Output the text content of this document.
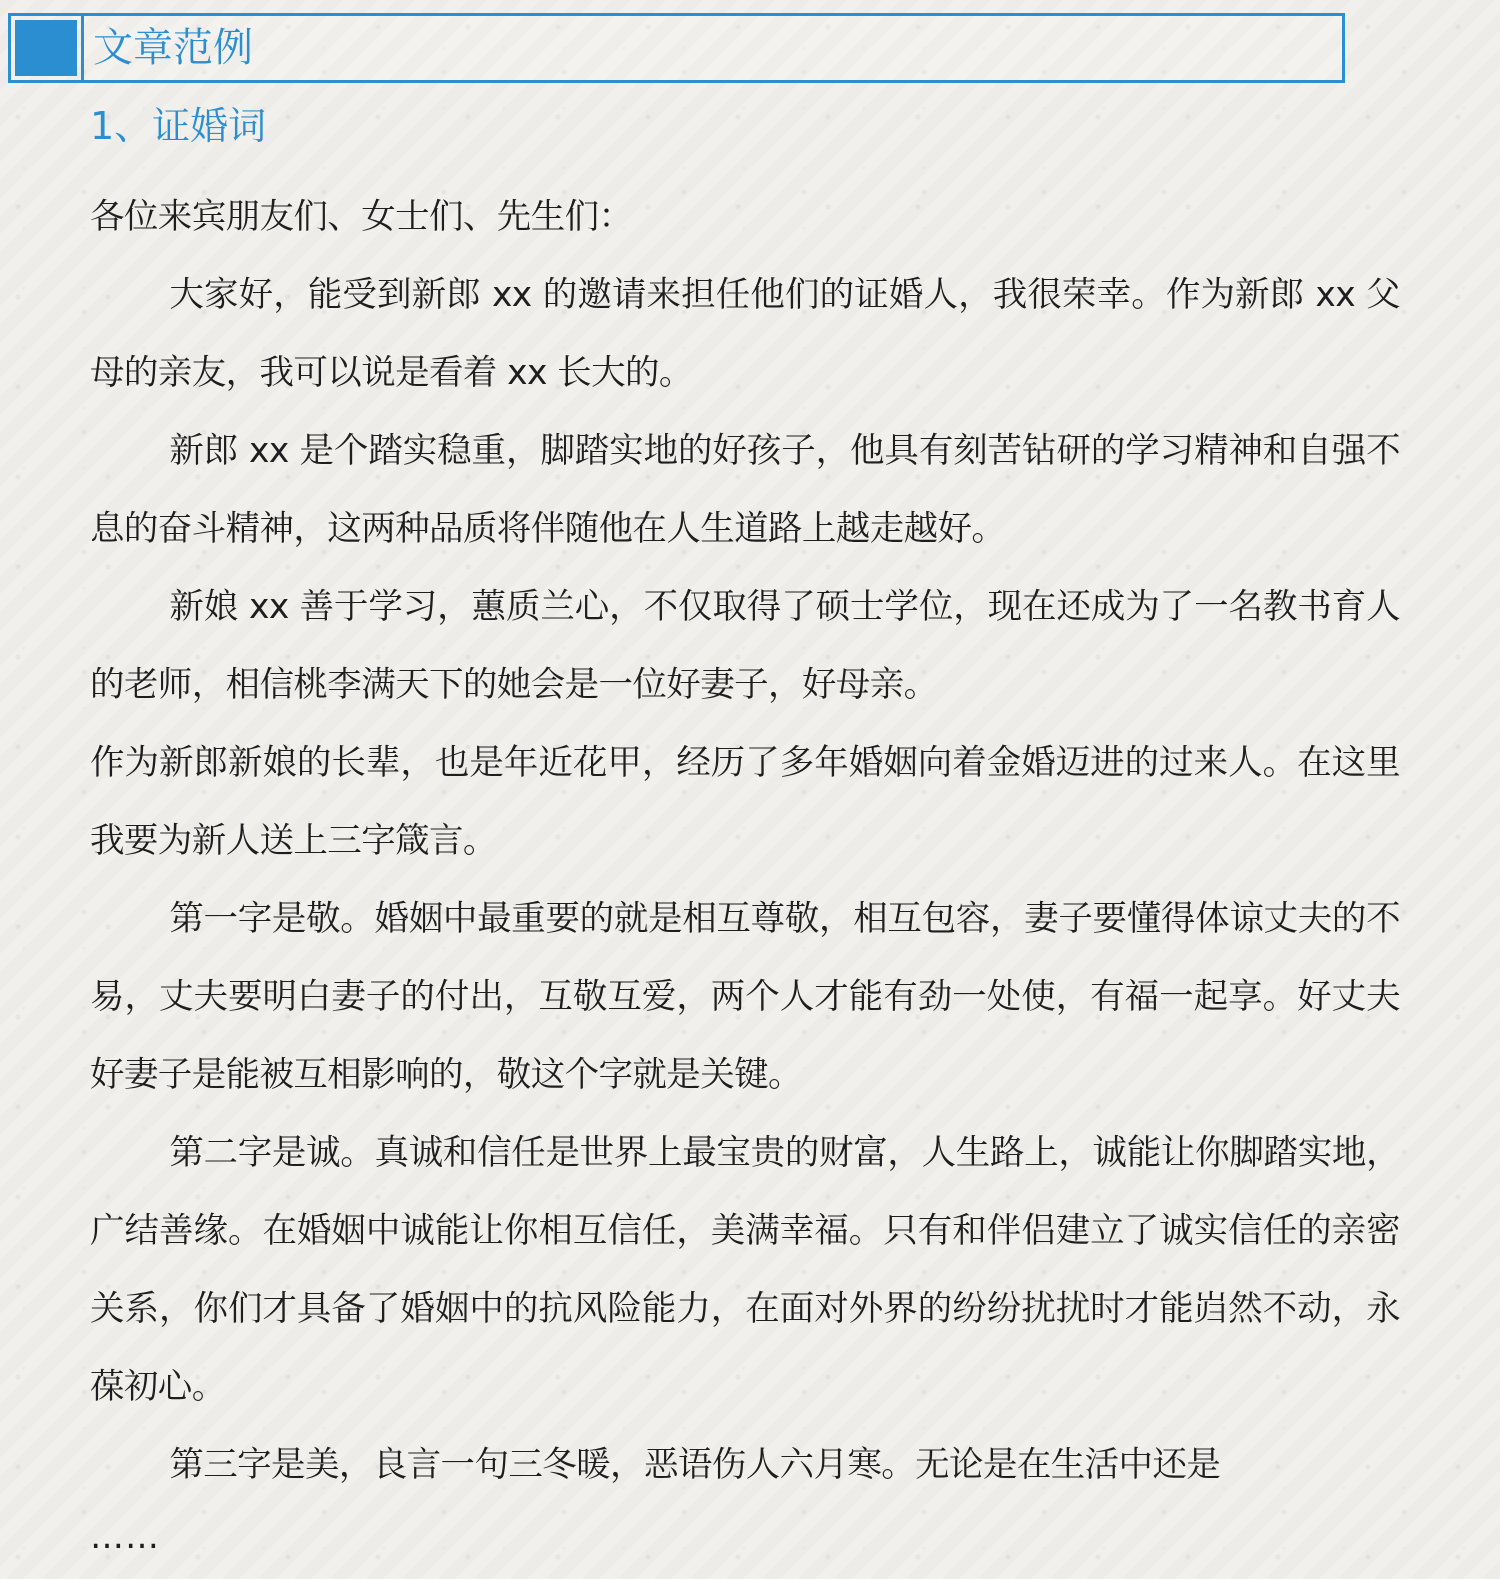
文章范例
1、证婚词

各位来宾朋友们、女士们、先生们：

大家好，能受到新郎 xx 的邀请来担任他们的证婚人，我很荣幸。作为新郎 xx 父母的亲友，我可以说是看着 xx 长大的。

新郎 xx 是个踏实稳重，脚踏实地的好孩子，他具有刻苦钻研的学习精神和自强不息的奋斗精神，这两种品质将伴随他在人生道路上越走越好。

新娘 xx 善于学习，蕙质兰心，不仅取得了硕士学位，现在还成为了一名教书育人的老师，相信桃李满天下的她会是一位好妻子，好母亲。

作为新郎新娘的长辈，也是年近花甲，经历了多年婚姻向着金婚迈进的过来人。在这里我要为新人送上三字箴言。

第一字是敬。婚姻中最重要的就是相互尊敬，相互包容，妻子要懂得体谅丈夫的不易，丈夫要明白妻子的付出，互敬互爱，两个人才能有劲一处使，有福一起享。好丈夫好妻子是能被互相影响的，敬这个字就是关键。

第二字是诚。真诚和信任是世界上最宝贵的财富，人生路上，诚能让你脚踏实地，广结善缘。在婚姻中诚能让你相互信任，美满幸福。只有和伴侣建立了诚实信任的亲密关系，你们才具备了婚姻中的抗风险能力，在面对外界的纷纷扰扰时才能岿然不动，永葆初心。

第三字是美，良言一句三冬暖，恶语伤人六月寒。无论是在生活中还是

……
